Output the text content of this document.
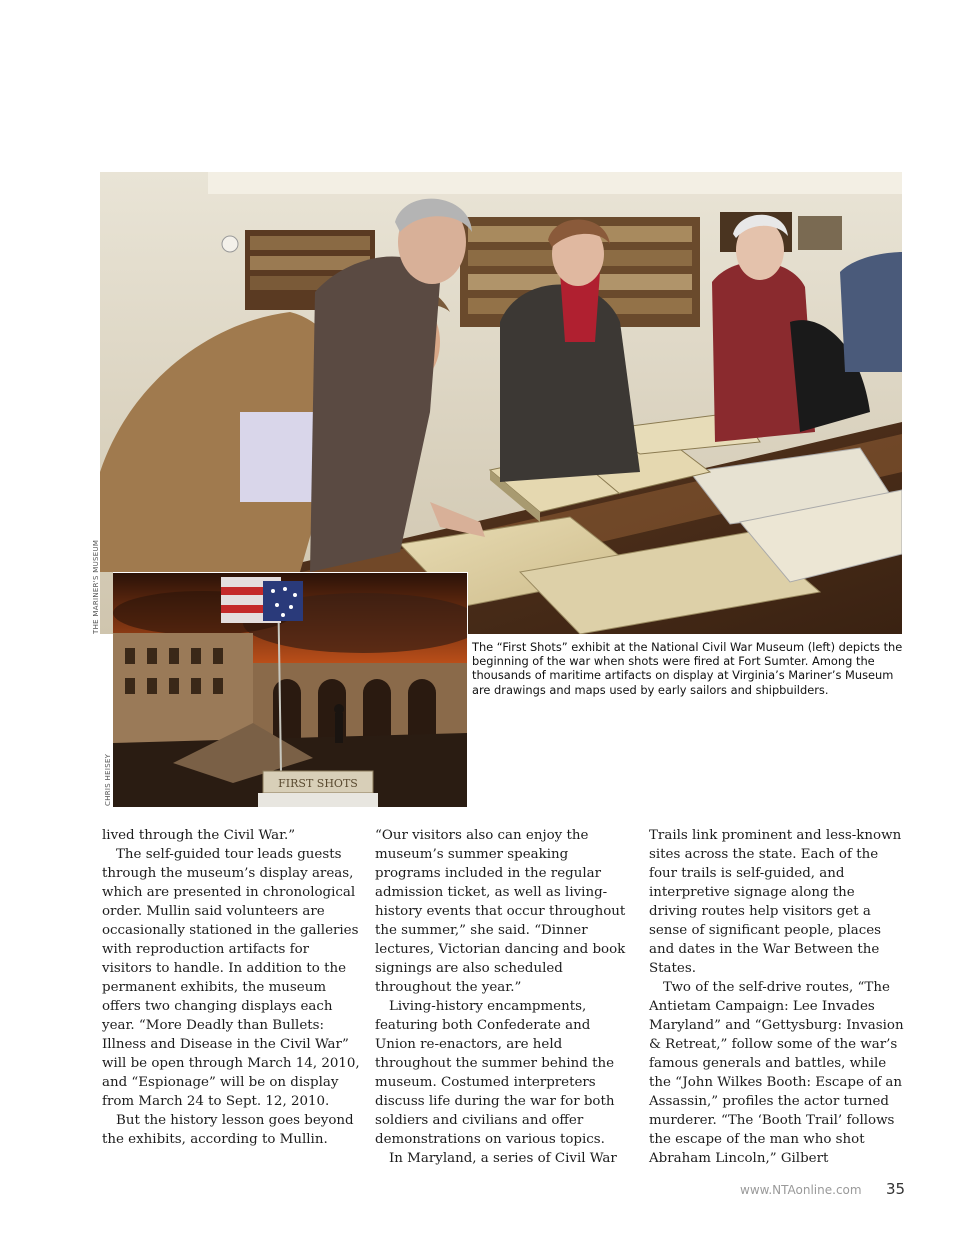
THE MARINER'S MUSEUM
FIRST SHOTS
CHRIS HEISEY
The “First Shots” exhibit at the National Civil War Museum (left) depicts the beginning of the war when shots were fired at Fort Sumter. Among the thousands of maritime artifacts on display at Virginia’s Mariner’s Museum are drawings and maps used by early sailors and shipbuilders.

lived through the Civil War.”

The self-guided tour leads guests through the museum’s display areas, which are presented in chronological order. Mullin said volunteers are occasionally stationed in the galleries with reproduction artifacts for visitors to handle. In addition to the permanent exhibits, the museum offers two changing displays each year. “More Deadly than Bullets: Illness and Disease in the Civil War” will be open through March 14, 2010, and “Espionage” will be on display from March 24 to Sept. 12, 2010.

But the history lesson goes beyond the exhibits, according to Mullin.

“Our visitors also can enjoy the museum’s summer speaking programs included in the regular admission ticket, as well as living-history events that occur throughout the summer,” she said. “Dinner lectures, Victorian dancing and book signings are also scheduled throughout the year.”

Living-history encampments, featuring both Confederate and Union re-enactors, are held throughout the summer behind the museum. Costumed interpreters discuss life during the war for both soldiers and civilians and offer demonstrations on various topics.

In Maryland, a series of Civil War

Trails link prominent and less-known sites across the state. Each of the four trails is self-guided, and interpretive signage along the driving routes help visitors get a sense of significant people, places and dates in the War Between the States.

Two of the self-drive routes, “The Antietam Campaign: Lee Invades Maryland” and “Gettysburg: Invasion & Retreat,” follow some of the war’s famous generals and battles, while the “John Wilkes Booth: Escape of an Assassin,” profiles the actor turned murderer. “The ‘Booth Trail’ follows the escape of the man who shot Abraham Lincoln,” Gilbert

www.NTAonline.com 35
